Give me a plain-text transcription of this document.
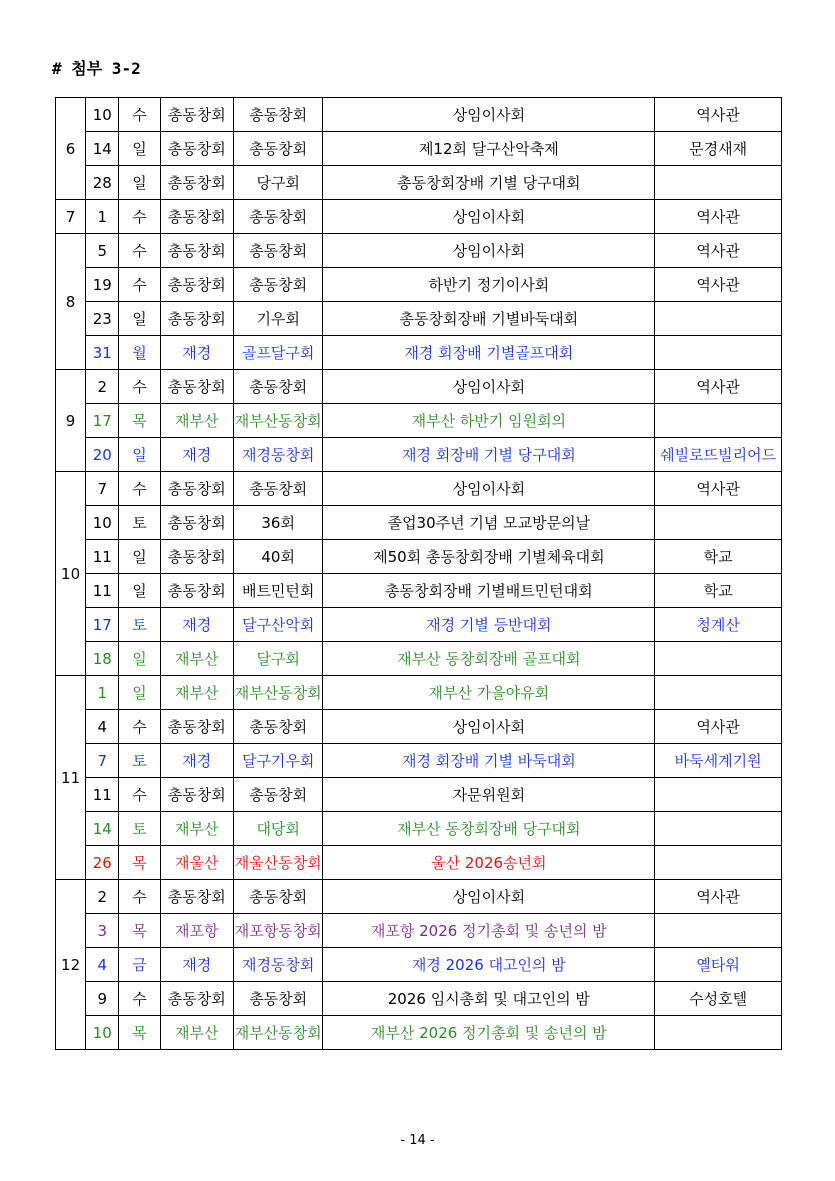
# 첨부 3-2
6	10	수	총동창회	총동창회	상임이사회	역사관
	14	일	총동창회	총동창회	제12회 달구산악축제	문경새재
	28	일	총동창회	당구회	총동창회장배 기별 당구대회	
7	1	수	총동창회	총동창회	상임이사회	역사관
8	5	수	총동창회	총동창회	상임이사회	역사관
	19	수	총동창회	총동창회	하반기 정기이사회	역사관
	23	일	총동창회	기우회	총동창회장배 기별바둑대회	
	31	월	재경	골프달구회	재경 회장배 기별골프대회	
9	2	수	총동창회	총동창회	상임이사회	역사관
	17	목	재부산	재부산동창회	재부산 하반기 임원회의	
	20	일	재경	재경동창회	재경 회장배 기별 당구대회	쉐빌로뜨빌리어드
10	7	수	총동창회	총동창회	상임이사회	역사관
	10	토	총동창회	36회	졸업30주년 기념 모교방문의날	
	11	일	총동창회	40회	제50회 총동창회장배 기별체육대회	학교
	11	일	총동창회	배트민턴회	총동창회장배 기별배트민턴대회	학교
	17	토	재경	달구산악회	재경 기별 등반대회	청계산
	18	일	재부산	달구회	재부산 동창회장배 골프대회	
11	1	일	재부산	재부산동창회	재부산 가을야유회	
	4	수	총동창회	총동창회	상임이사회	역사관
	7	토	재경	달구기우회	재경 회장배 기별 바둑대회	바둑세계기원
	11	수	총동창회	총동창회	자문위원회	
	14	토	재부산	대당회	재부산 동창회장배 당구대회	
	26	목	재울산	재울산동창회	울산 2026송년회	
12	2	수	총동창회	총동창회	상임이사회	역사관
	3	목	재포항	재포항동창회	재포항 2026 정기총회 및 송년의 밤	
	4	금	재경	재경동창회	재경 2026 대고인의 밤	옐타워
	9	수	총동창회	총동창회	2026 임시총회 및 대고인의 밤	수성호텔
	10	목	재부산	재부산동창회	재부산 2026 정기총회 및 송년의 밤	
- 14 -
